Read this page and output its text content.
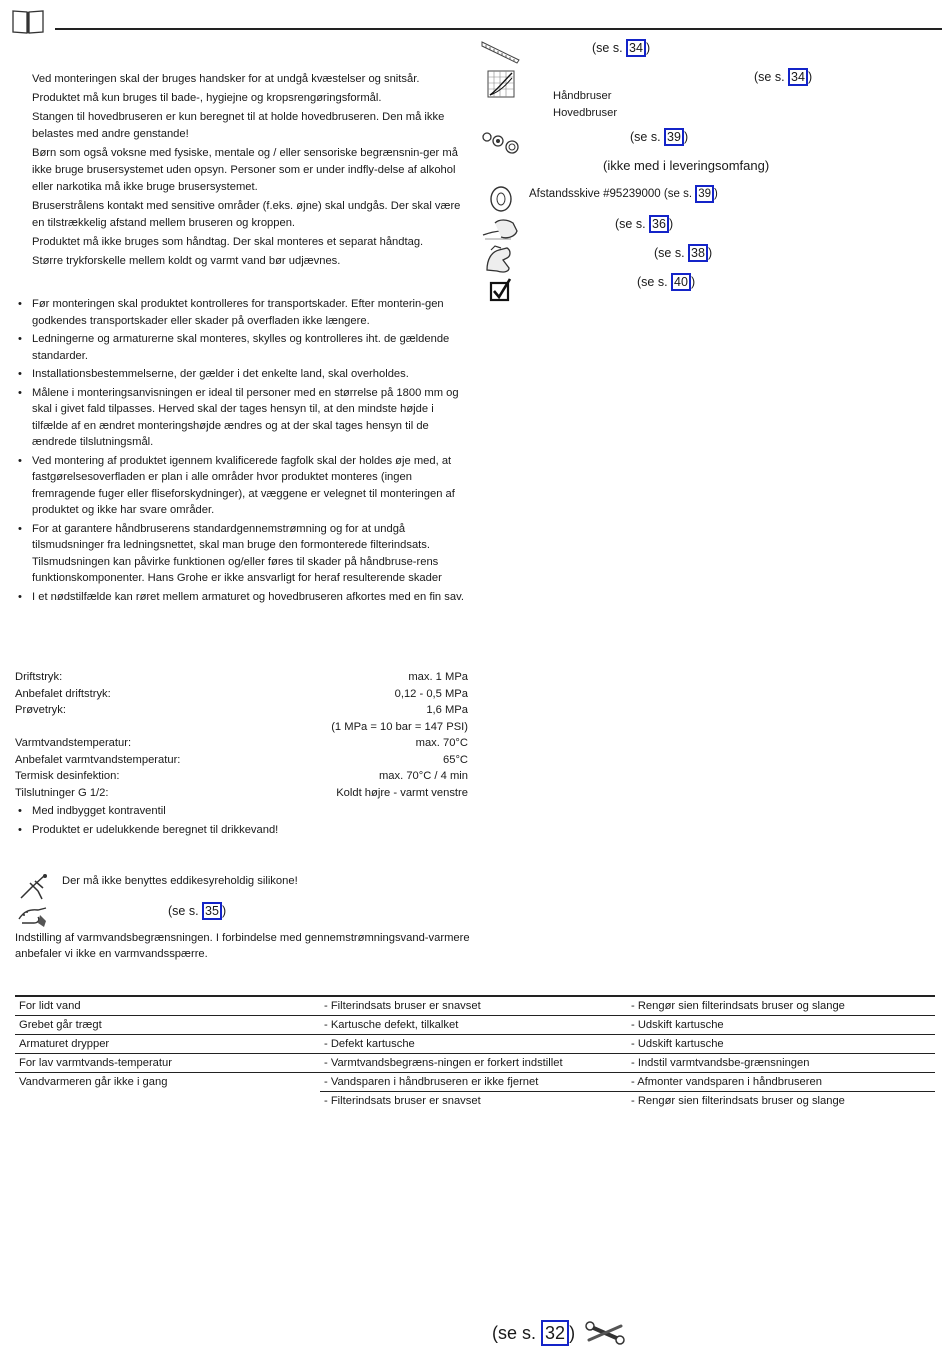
Ved monteringen skal der bruges handsker for at undgå kvæstelser og snitsår.

Produktet må kun bruges til bade-, hygiejne og kropsrengøringsformål.

Stangen til hovedbruseren er kun beregnet til at holde hovedbruseren. Den må ikke belastes med andre genstande!

Børn som også voksne med fysiske, mentale og / eller sensoriske begrænsnin-ger må ikke bruge brusersystemet uden opsyn. Personer som er under indfly-delse af alkohol eller narkotika må ikke bruge brusersystemet.

Bruserstrålens kontakt med sensitive områder (f.eks. øjne) skal undgås. Der skal være en tilstrækkelig afstand mellem bruseren og kroppen.

Produktet må ikke bruges som håndtag. Der skal monteres et separat håndtag.

Større trykforskelle mellem koldt og varmt vand bør udjævnes.

• Før monteringen skal produktet kontrolleres for transportskader. Efter monterin-gen godkendes transportskader eller skader på overfladen ikke længere.
• Ledningerne og armaturerne skal monteres, skylles og kontrolleres iht. de gældende standarder.
• Installationsbestemmelserne, der gælder i det enkelte land, skal overholdes.
• Målene i monteringsanvisningen er ideal til personer med en størrelse på 1800 mm og skal i givet fald tilpasses. Herved skal der tages hensyn til, at den mindste højde i tilfælde af en ændret monteringshøjde ændres og at der skal tages hensyn til de ændrede tilslutningsmål.
• Ved montering af produktet igennem kvalificerede fagfolk skal der holdes øje med, at fastgørelsesoverfladen er plan i alle områder hvor produktet monteres (ingen fremragende fuger eller fliseforskydninger), at væggene er velegnet til monteringen af produktet og ikke har svare områder.
• For at garantere håndbruserens standardgennemstrømning og for at undgå tilsmudsninger fra ledningsnettet, skal man bruge den formonterede filterindsats. Tilsmudsningen kan påvirke funktionen og/eller føres til skader på håndbruse-rens funktionskomponenter. Hans Grohe er ikke ansvarligt for heraf resulterende skader
• I et nødstilfælde kan røret mellem armaturet og hovedbruseren afkortes med en fin sav.
Driftstryk:	max. 1 MPa
Anbefalet driftstryk:	0,12 - 0,5 MPa
Prøvetryk:	1,6 MPa
(1 MPa = 10 bar = 147 PSI)
Varmtvandstemperatur:	max. 70°C
Anbefalet varmtvandstemperatur:	65°C
Termisk desinfektion:	max. 70°C / 4 min
Tilslutninger G 1/2:	Koldt højre - varmt venstre
• Med indbygget kontraventil
• Produktet er udelukkende beregnet til drikkevand!
Der må ikke benyttes eddikesyreholdig silikone!
(se s. 35 )
Indstilling af varmvandsbegrænsningen. I forbindelse med gennemstrømningsvand-varmere anbefaler vi ikke en varmvandsspærre.
For lidt vand	- Filterindsats bruser er snavset	- Rengør sien filterindsats bruser og slange
Grebet går trægt	- Kartusche defekt, tilkalket	- Udskift kartusche
Armaturet drypper	- Defekt kartusche	- Udskift kartusche
For lav varmtvands-temperatur	- Varmtvandsbegræns-ningen er forkert indstillet	- Indstil varmtvandsbe-grænsningen
Vandvarmeren går ikke i gang	- Vandsparen i håndbruseren er ikke fjernet	- Afmonter vandsparen i håndbruseren
	- Filterindsats bruser er snavset	- Rengør sien filterindsats bruser og slange
(se s. 34 )
(se s. 34 )
Håndbruser
Hovedbruser
(se s. 39 )
(ikke med i leveringsomfang)
Afstandsskive #95239000 (se s. 39 )
(se s. 36 )
(se s. 38 )
(se s. 40 )
(se s. 32 )
